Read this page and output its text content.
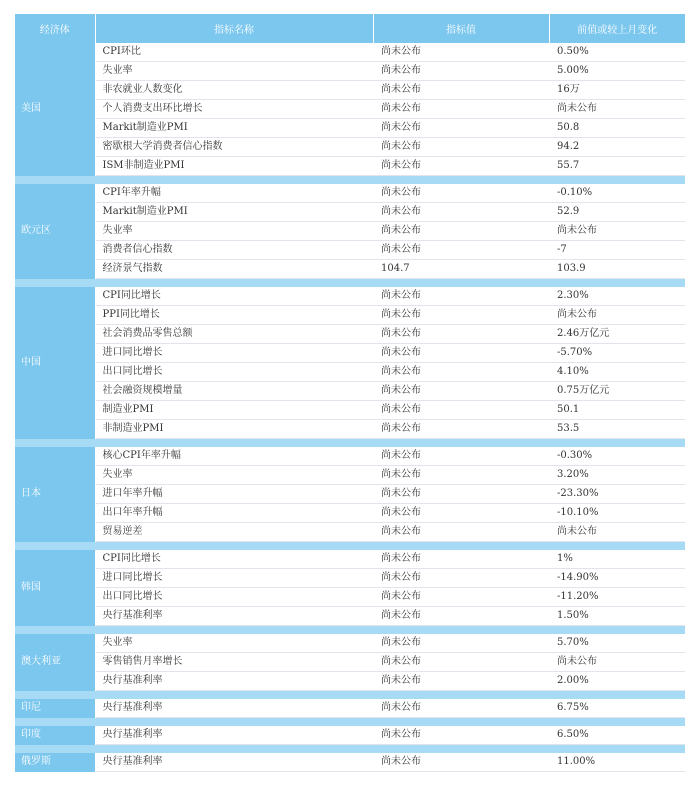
经济体	指标名称	指标值	前值或较上月变化
美国	CPI环比	尚未公布	0.50%
	失业率	尚未公布	5.00%
	非农就业人数变化	尚未公布	16万
	个人消费支出环比增长	尚未公布	尚未公布
	Markit制造业PMI	尚未公布	50.8
	密歇根大学消费者信心指数	尚未公布	94.2
	ISM非制造业PMI	尚未公布	55.7

欧元区	CPI年率升幅	尚未公布	-0.10%
	Markit制造业PMI	尚未公布	52.9
	失业率	尚未公布	尚未公布
	消费者信心指数	尚未公布	-7
	经济景气指数	104.7	103.9

中国	CPI同比增长	尚未公布	2.30%
	PPI同比增长	尚未公布	尚未公布
	社会消费品零售总额	尚未公布	2.46万亿元
	进口同比增长	尚未公布	-5.70%
	出口同比增长	尚未公布	4.10%
	社会融资规模增量	尚未公布	0.75万亿元
	制造业PMI	尚未公布	50.1
	非制造业PMI	尚未公布	53.5

日本	核心CPI年率升幅	尚未公布	-0.30%
	失业率	尚未公布	3.20%
	进口年率升幅	尚未公布	-23.30%
	出口年率升幅	尚未公布	-10.10%
	贸易逆差	尚未公布	尚未公布

韩国	CPI同比增长	尚未公布	1%
	进口同比增长	尚未公布	-14.90%
	出口同比增长	尚未公布	-11.20%
	央行基准利率	尚未公布	1.50%

澳大利亚	失业率	尚未公布	5.70%
	零售销售月率增长	尚未公布	尚未公布
	央行基准利率	尚未公布	2.00%

印尼	央行基准利率	尚未公布	6.75%

印度	央行基准利率	尚未公布	6.50%

俄罗斯	央行基准利率	尚未公布	11.00%
